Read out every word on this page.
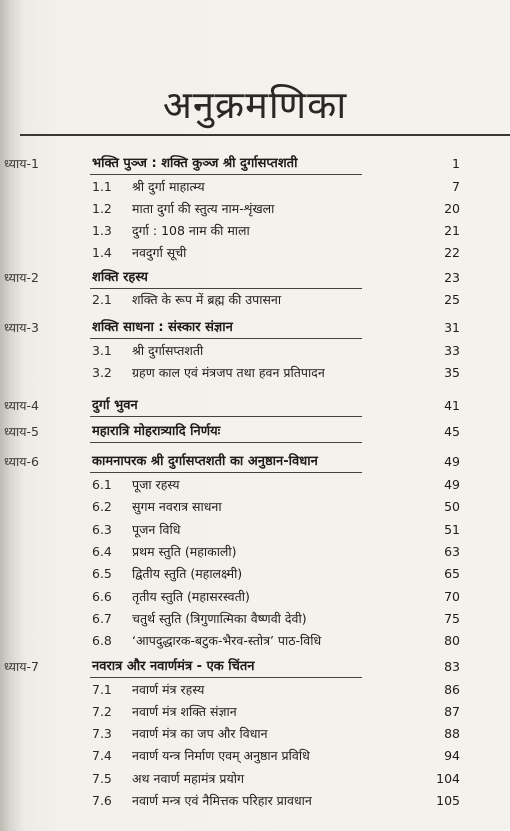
अनुक्रमणिका
ध्याय-1	भक्ति पुञ्ज : शक्ति कुञ्ज श्री दुर्गासप्तशती	1
1.1 श्री दुर्गा माहात्म्य	7
1.2 माता दुर्गा की स्तुत्य नाम-शृंखला	20
1.3 दुर्गा : 108 नाम की माला	21
1.4 नवदुर्गा सूची	22
ध्याय-2	शक्ति रहस्य	23
2.1 शक्ति के रूप में ब्रह्म की उपासना	25
ध्याय-3	शक्ति साधना : संस्कार संज्ञान	31
3.1 श्री दुर्गासप्तशती	33
3.2 ग्रहण काल एवं मंत्रजप तथा हवन प्रतिपादन	35
ध्याय-4	दुर्गा भुवन	41
ध्याय-5	महारात्रि मोहरात्र्यादि निर्णयः	45
ध्याय-6	कामनापरक श्री दुर्गासप्तशती का अनुष्ठान-विधान	49
6.1 पूजा रहस्य	49
6.2 सुगम नवरात्र साधना	50
6.3 पूजन विधि	51
6.4 प्रथम स्तुति (महाकाली)	63
6.5 द्वितीय स्तुति (महालक्ष्मी)	65
6.6 तृतीय स्तुति (महासरस्वती)	70
6.7 चतुर्थ स्तुति (त्रिगुणात्मिका वैष्णवी देवी)	75
6.8 ‘आपदुद्धारक-बटुक-भैरव-स्तोत्र’ पाठ-विधि	80
ध्याय-7	नवरात्र और नवार्णमंत्र - एक चिंतन	83
7.1 नवार्ण मंत्र रहस्य	86
7.2 नवार्ण मंत्र शक्ति संज्ञान	87
7.3 नवार्ण मंत्र का जप और विधान	88
7.4 नवार्ण यन्त्र निर्माण एवम् अनुष्ठान प्रविधि	94
7.5 अथ नवार्ण महामंत्र प्रयोग	104
7.6 नवार्ण मन्त्र एवं नैमित्तक परिहार प्रावधान	105
